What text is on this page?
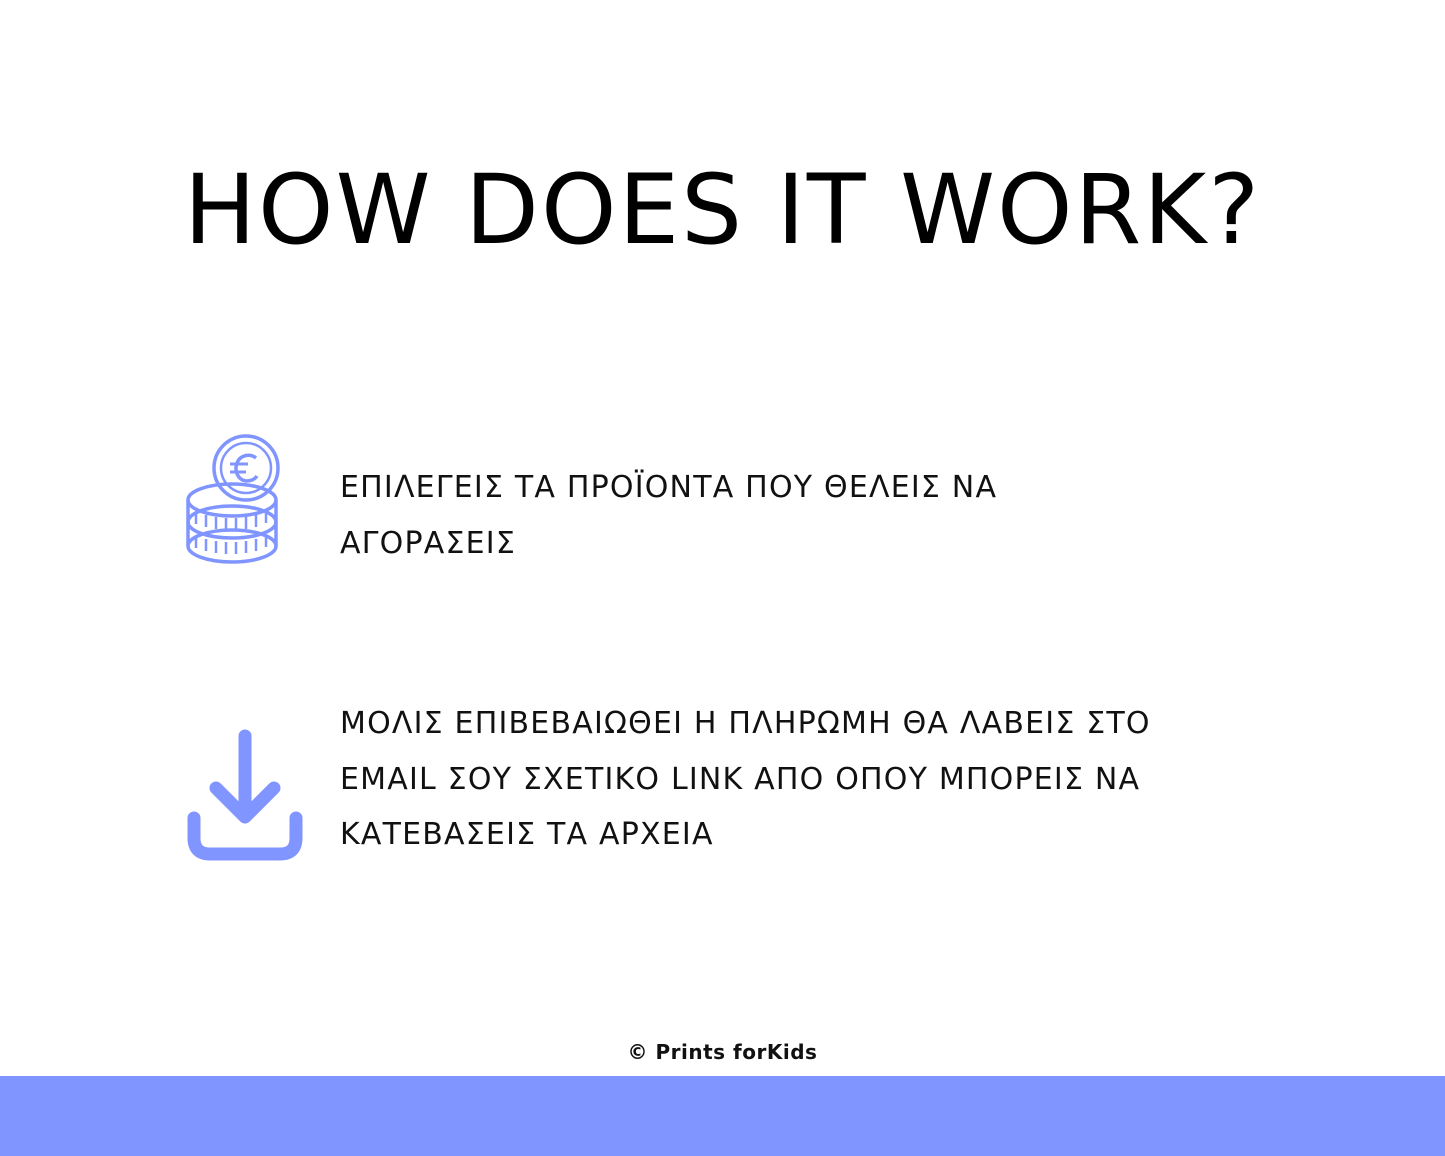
HOW DOES IT WORK?
ΕΠΙΛΕΓΕΙΣ ΤΑ ΠΡΟΪΟΝΤΑ ΠΟΥ ΘΕΛΕΙΣ ΝΑ ΑΓΟΡΑΣΕΙΣ
ΜΟΛΙΣ ΕΠΙΒΕΒΑΙΩΘΕΙ Η ΠΛΗΡΩΜΗ ΘΑ ΛΑΒΕΙΣ ΣΤΟ EMAIL ΣΟΥ ΣΧΕΤΙΚΟ LINK ΑΠΟ ΟΠΟΥ ΜΠΟΡΕΙΣ ΝΑ ΚΑΤΕΒΑΣΕΙΣ ΤΑ ΑΡΧΕΙΑ
© Prints forKids
